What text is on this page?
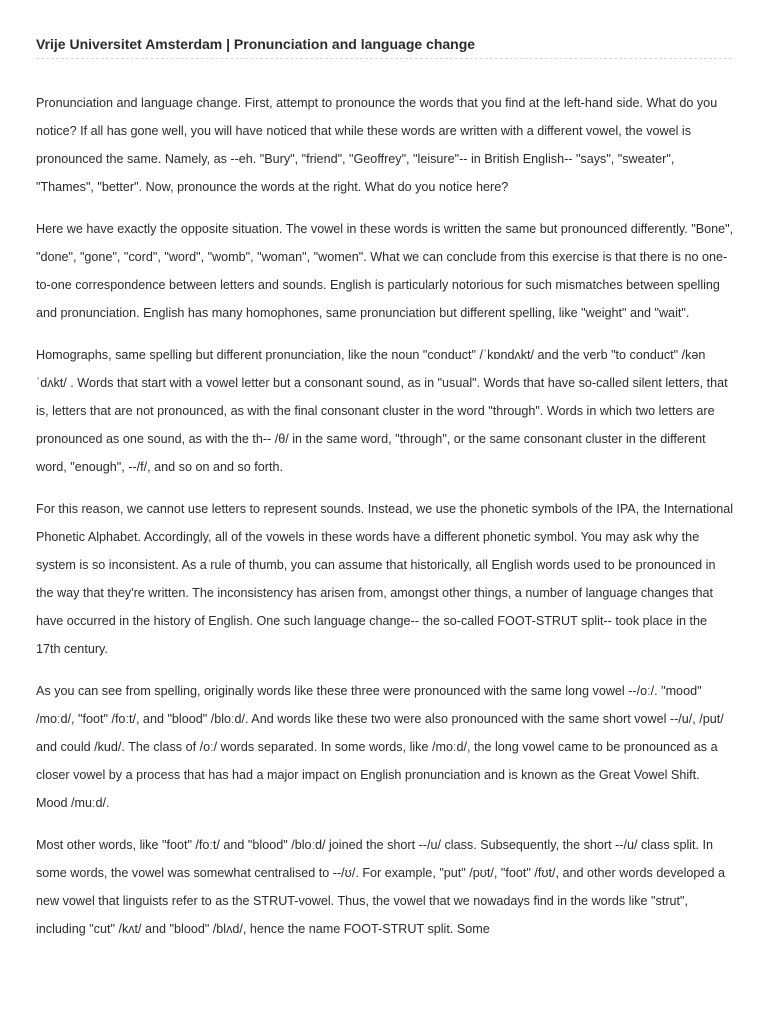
Vrije Universitet Amsterdam | Pronunciation and language change

Pronunciation and language change. First, attempt to pronounce the words that you find at the left-hand side. What do you notice? If all has gone well, you will have noticed that while these words are written with a different vowel, the vowel is pronounced the same. Namely, as --eh. "Bury", "friend", "Geoffrey", "leisure"-- in British English-- "says", "sweater", "Thames", "better". Now, pronounce the words at the right. What do you notice here?

Here we have exactly the opposite situation. The vowel in these words is written the same but pronounced differently. "Bone", "done", "gone", "cord", "word", "womb", "woman", "women". What we can conclude from this exercise is that there is no one-to-one correspondence between letters and sounds. English is particularly notorious for such mismatches between spelling and pronunciation. English has many homophones, same pronunciation but different spelling, like "weight" and "wait".

Homographs, same spelling but different pronunciation, like the noun "conduct" /ˈkɒndʌkt/ and the verb "to conduct" /kənˈdʌkt/ . Words that start with a vowel letter but a consonant sound, as in "usual". Words that have so-called silent letters, that is, letters that are not pronounced, as with the final consonant cluster in the word "through". Words in which two letters are pronounced as one sound, as with the th-- /θ/ in the same word, "through", or the same consonant cluster in the different word, "enough", --/f/, and so on and so forth.

For this reason, we cannot use letters to represent sounds. Instead, we use the phonetic symbols of the IPA, the International Phonetic Alphabet. Accordingly, all of the vowels in these words have a different phonetic symbol. You may ask why the system is so inconsistent. As a rule of thumb, you can assume that historically, all English words used to be pronounced in the way that they're written. The inconsistency has arisen from, amongst other things, a number of language changes that have occurred in the history of English. One such language change-- the so-called FOOT-STRUT split-- took place in the 17th century.

As you can see from spelling, originally words like these three were pronounced with the same long vowel --/oː/. "mood" /moːd/, "foot" /foːt/, and "blood" /bloːd/. And words like these two were also pronounced with the same short vowel --/u/, /put/ and could /kud/. The class of /oː/ words separated. In some words, like /moːd/, the long vowel came to be pronounced as a closer vowel by a process that has had a major impact on English pronunciation and is known as the Great Vowel Shift. Mood /muːd/.

Most other words, like "foot" /foːt/ and "blood" /bloːd/ joined the short --/u/ class. Subsequently, the short --/u/ class split. In some words, the vowel was somewhat centralised to --/ʊ/. For example, "put" /pʊt/, "foot" /fʊt/, and other words developed a new vowel that linguists refer to as the STRUT-vowel. Thus, the vowel that we nowadays find in the words like "strut", including "cut" /kʌt/ and "blood" /blʌd/, hence the name FOOT-STRUT split. Some
